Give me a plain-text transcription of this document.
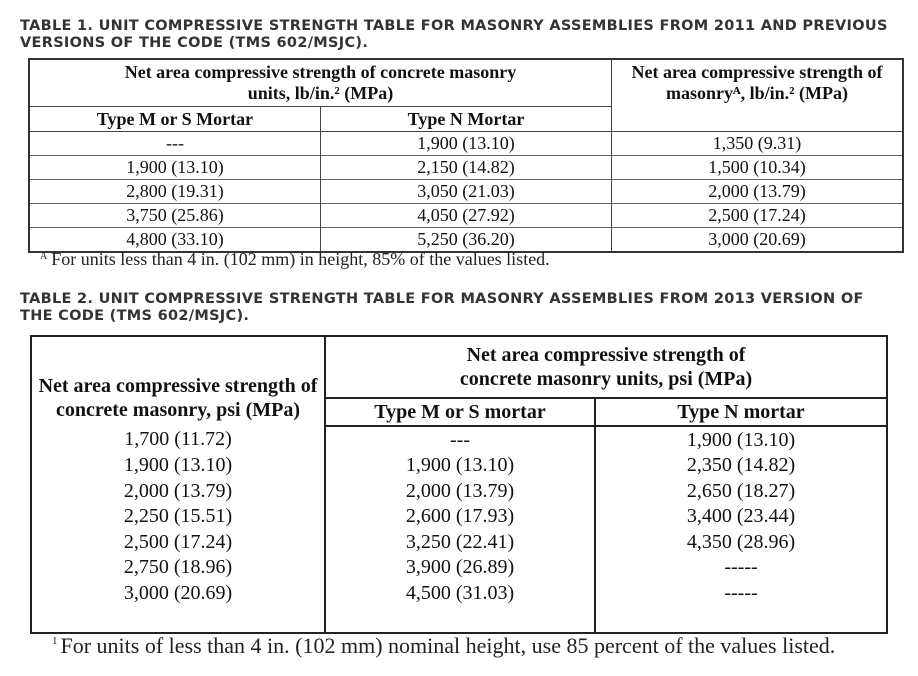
TABLE 1. UNIT COMPRESSIVE STRENGTH TABLE FOR MASONRY ASSEMBLIES FROM 2011 AND PREVIOUS VERSIONS OF THE CODE (TMS 602/MSJC).
Net area compressive strength of concrete masonry units, lb/in.² (MPa)		Net area compressive strength of masonryᴬ, lb/in.² (MPa)

Type M or S Mortar	Type N Mortar	
---	1,900 (13.10)	1,350 (9.31)
1,900 (13.10)	2,150 (14.82)	1,500 (10.34)
2,800 (19.31)	3,050 (21.03)	2,000 (13.79)
3,750 (25.86)	4,050 (27.92)	2,500 (17.24)
4,800 (33.10)	5,250 (36.20)	3,000 (20.69)
$^A$ For units less than 4 in. (102 mm) in height, 85% of the values listed.
TABLE 2. UNIT COMPRESSIVE STRENGTH TABLE FOR MASONRY ASSEMBLIES FROM 2013 VERSION OF THE CODE (TMS 602/MSJC).
Net area compressive strength of concrete masonry, psi (MPa)	Net area compressive strength of concrete masonry units, psi (MPa)	

	Type M or S mortar	Type N mortar
1,700 (11.72)	---	1,900 (13.10)
1,900 (13.10)	1,900 (13.10)	2,350 (14.82)
2,000 (13.79)	2,000 (13.79)	2,650 (18.27)
2,250 (15.51)	2,600 (17.93)	3,400 (23.44)
2,500 (17.24)	3,250 (22.41)	4,350 (28.96)
2,750 (18.96)	3,900 (26.89)	-----
3,000 (20.69)	4,500 (31.03)	-----
$^1$ For units of less than 4 in. (102 mm) nominal height, use 85 percent of the values listed.
